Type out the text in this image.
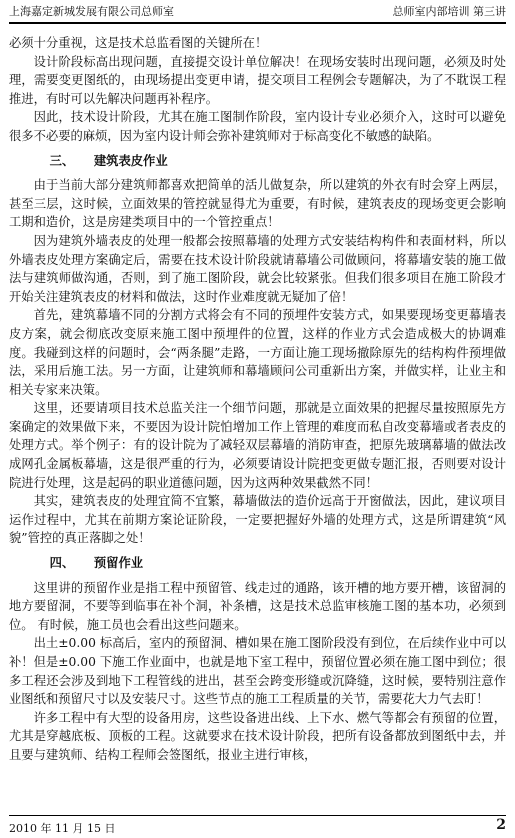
上海嘉定新城发展有限公司总师室	总师室内部培训 第三讲

必须十分重视，这是技术总监看图的关键所在！

设计阶段标高出现问题，直接提交设计单位解决！在现场安装时出现问题，必须及时处理，需要变更图纸的，由现场提出变更申请，提交项目工程例会专题解决，为了不耽误工程推进，有时可以先解决问题再补程序。

因此，技术设计阶段，尤其在施工图制作阶段，室内设计专业必须介入，这时可以避免很多不必要的麻烦，因为室内设计师会弥补建筑师对于标高变化不敏感的缺陷。

三、 建筑表皮作业

由于当前大部分建筑师都喜欢把简单的活儿做复杂，所以建筑的外衣有时会穿上两层，甚至三层，这时候，立面效果的管控就显得尤为重要，有时候，建筑表皮的现场变更会影响工期和造价，这是房建类项目中的一个管控重点！

因为建筑外墙表皮的处理一般都会按照幕墙的处理方式安装结构构件和表面材料，所以外墙表皮处理方案确定后，需要在技术设计阶段就请幕墙公司做顾问，将幕墙安装的施工做法与建筑师做沟通，否则，到了施工图阶段，就会比较紧张。但我们很多项目在施工阶段才开始关注建筑表皮的材料和做法，这时作业难度就无疑加了倍！

首先，建筑幕墙不同的分割方式将会有不同的预埋件安装方式，如果要现场变更幕墙表皮方案，就会彻底改变原来施工图中预埋件的位置，这样的作业方式会造成极大的协调难度。我碰到这样的问题时，会“两条腿”走路，一方面让施工现场撤除原先的结构构件预埋做法，采用后施工法。另一方面，让建筑师和幕墙顾问公司重新出方案，并做实样，让业主和相关专家来决策。

这里，还要请项目技术总监关注一个细节问题，那就是立面效果的把握尽量按照原先方案确定的效果做下来，不要因为设计院怕增加工作上管理的难度而私自改变幕墙或者表皮的处理方式。举个例子：有的设计院为了减轻双层幕墙的消防审查，把原先玻璃幕墙的做法改成网孔金属板幕墙，这是很严重的行为，必须要请设计院把变更做专题汇报，否则要对设计院进行处理，这是起码的职业道德问题，因为这两种效果截然不同！

其实，建筑表皮的处理宜简不宜繁，幕墙做法的造价远高于开窗做法，因此，建议项目运作过程中，尤其在前期方案论证阶段，一定要把握好外墙的处理方式，这是所谓建筑“风貌”管控的真正落脚之处！

四、 预留作业

这里讲的预留作业是指工程中预留管、线走过的通路，该开槽的地方要开槽，该留洞的地方要留洞，不要等到临事在补个洞，补条槽，这是技术总监审核施工图的基本功，必须到位。 有时候，施工员也会看出这些问题来。

出土±0.00 标高后，室内的预留洞、槽如果在施工图阶段没有到位，在后续作业中可以补！但是±0.00 下施工作业面中，也就是地下室工程中，预留位置必须在施工图中到位；很多工程还会涉及到地下工程管线的进出，甚至会跨变形缝或沉降缝，这时候，要特别注意作业图纸和预留尺寸以及安装尺寸。这些节点的施工工程质量的关节，需要花大力气去盯！

许多工程中有大型的设备用房，这些设备进出线、上下水、燃气等都会有预留的位置，尤其是穿越底板、顶板的工程。这就要求在技术设计阶段，把所有设备都放到图纸中去，并且要与建筑师、结构工程师会签图纸，报业主进行审核，

2010 年 11 月 15 日	2
